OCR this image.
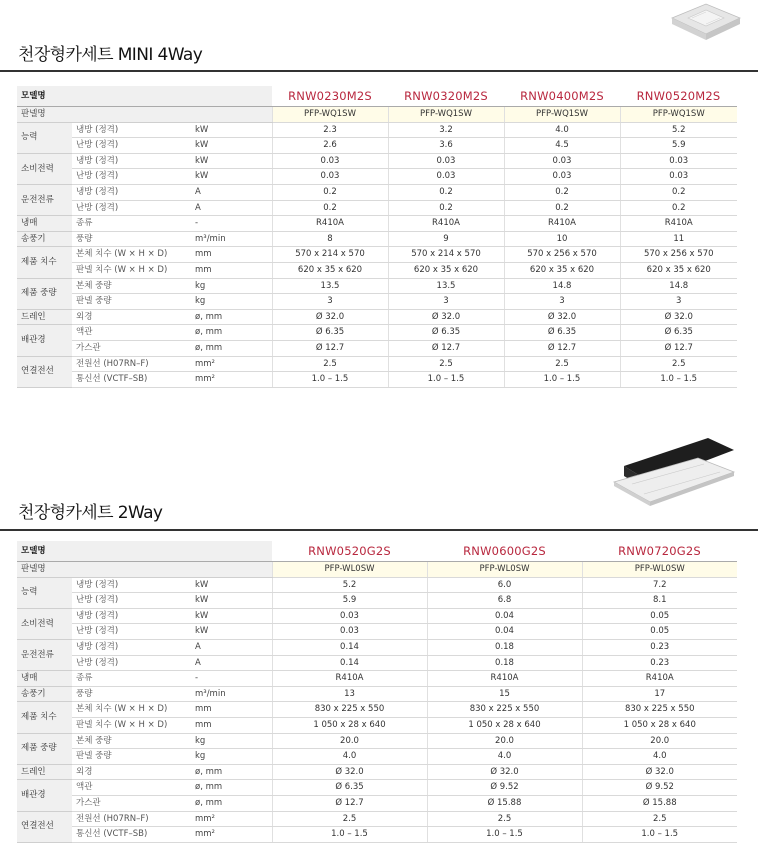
천장형카세트 MINI 4Way
모델명			RNW0230M2S	RNW0320M2S	RNW0400M2S	RNW0520M2S
판넬명			PFP-WQ1SW	PFP-WQ1SW	PFP-WQ1SW	PFP-WQ1SW
능력	냉방 (정격)	kW	2.3	3.2	4.0	5.2
	난방 (정격)	kW	2.6	3.6	4.5	5.9
소비전력	냉방 (정격)	kW	0.03	0.03	0.03	0.03
	난방 (정격)	kW	0.03	0.03	0.03	0.03
운전전류	냉방 (정격)	A	0.2	0.2	0.2	0.2
	난방 (정격)	A	0.2	0.2	0.2	0.2
냉매	종류	-	R410A	R410A	R410A	R410A
송풍기	풍량	m³/min	8	9	10	11
제품 치수	본체 치수 (W × H × D)	mm	570 x 214 x 570	570 x 214 x 570	570 x 256 x 570	570 x 256 x 570
	판넬 치수 (W × H × D)	mm	620 x 35 x 620	620 x 35 x 620	620 x 35 x 620	620 x 35 x 620
제품 중량	본체 중량	kg	13.5	13.5	14.8	14.8
	판넬 중량	kg	3	3	3	3
드레인	외경	ø, mm	Ø 32.0	Ø 32.0	Ø 32.0	Ø 32.0
배관경	액관	ø, mm	Ø 6.35	Ø 6.35	Ø 6.35	Ø 6.35
	가스관	ø, mm	Ø 12.7	Ø 12.7	Ø 12.7	Ø 12.7
연결전선	전원선 (H07RN–F)	mm²	2.5	2.5	2.5	2.5
	통신선 (VCTF–SB)	mm²	1.0 – 1.5	1.0 – 1.5	1.0 – 1.5	1.0 – 1.5
천장형카세트 2Way
모델명			RNW0520G2S	RNW0600G2S	RNW0720G2S
판넬명			PFP-WL0SW	PFP-WL0SW	PFP-WL0SW
능력	냉방 (정격)	kW	5.2	6.0	7.2
	난방 (정격)	kW	5.9	6.8	8.1
소비전력	냉방 (정격)	kW	0.03	0.04	0.05
	난방 (정격)	kW	0.03	0.04	0.05
운전전류	냉방 (정격)	A	0.14	0.18	0.23
	난방 (정격)	A	0.14	0.18	0.23
냉매	종류	-	R410A	R410A	R410A
송풍기	풍량	m³/min	13	15	17
제품 치수	본체 치수 (W × H × D)	mm	830 x 225 x 550	830 x 225 x 550	830 x 225 x 550
	판넬 치수 (W × H × D)	mm	1 050 x 28 x 640	1 050 x 28 x 640	1 050 x 28 x 640
제품 중량	본체 중량	kg	20.0	20.0	20.0
	판넬 중량	kg	4.0	4.0	4.0
드레인	외경	ø, mm	Ø 32.0	Ø 32.0	Ø 32.0
배관경	액관	ø, mm	Ø 6.35	Ø 9.52	Ø 9.52
	가스관	ø, mm	Ø 12.7	Ø 15.88	Ø 15.88
연결전선	전원선 (H07RN–F)	mm²	2.5	2.5	2.5
	통신선 (VCTF–SB)	mm²	1.0 – 1.5	1.0 – 1.5	1.0 – 1.5
